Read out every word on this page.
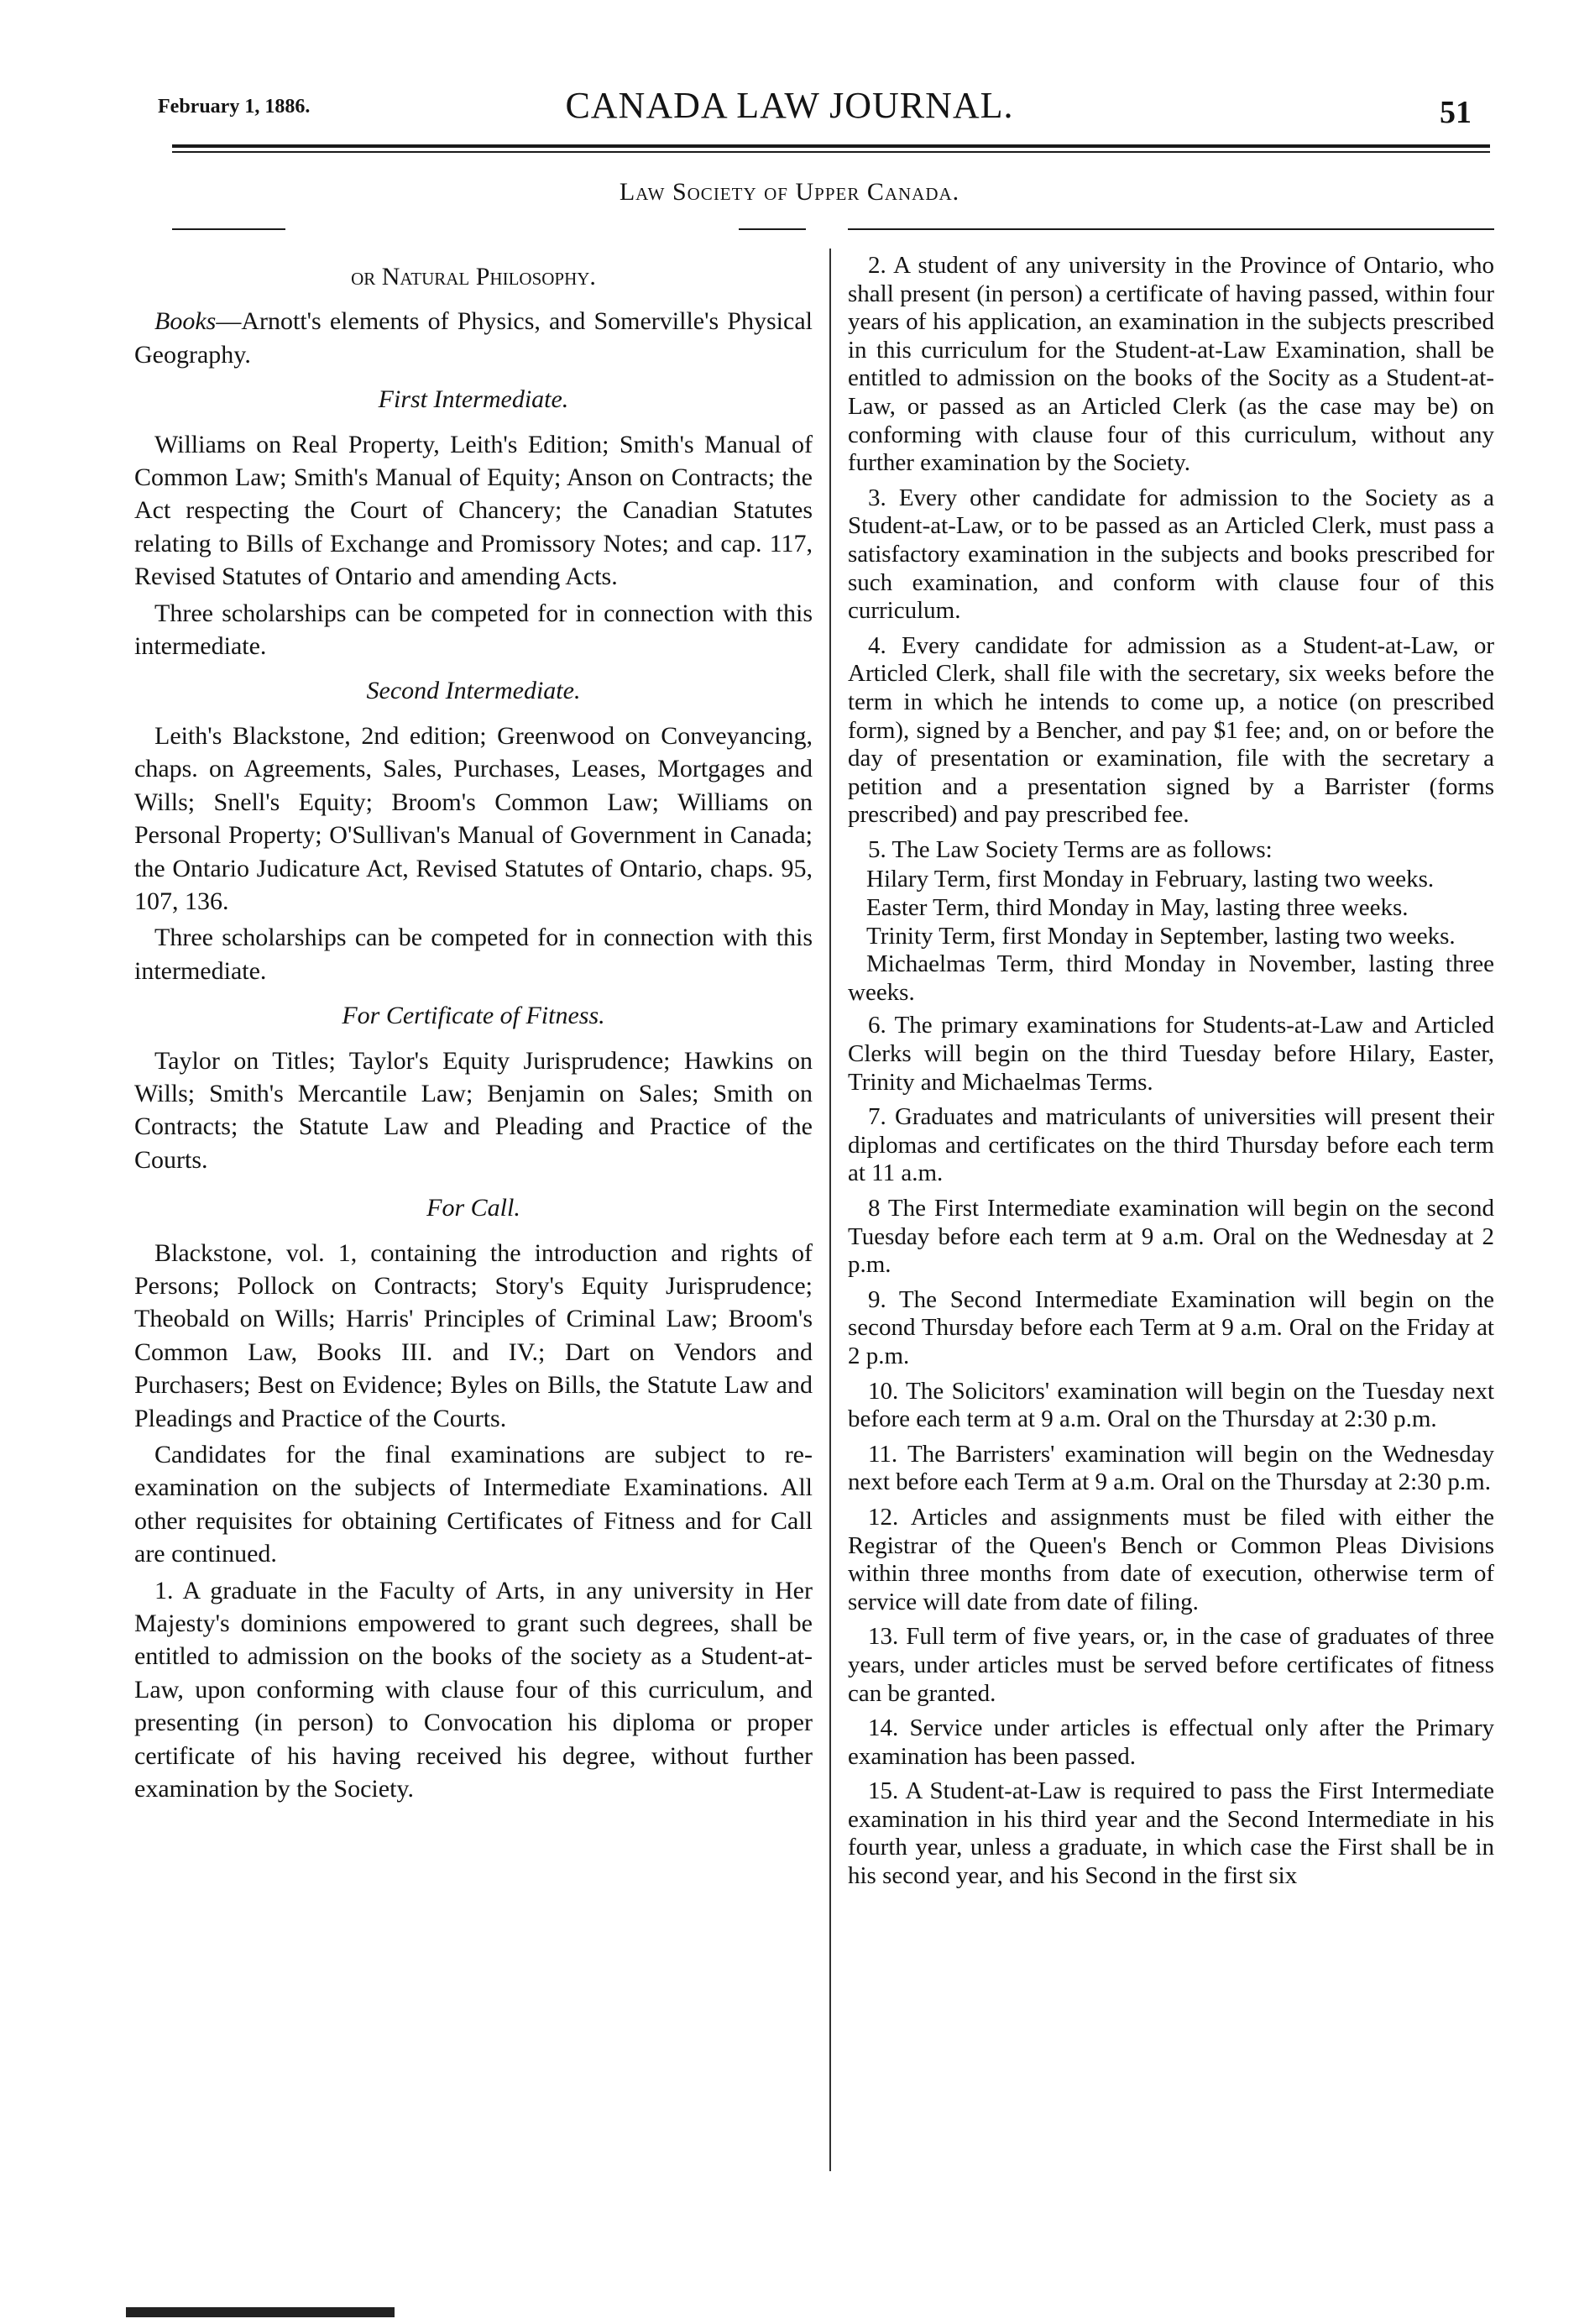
February 1, 1886.	CANADA LAW JOURNAL.	51
Law Society of Upper Canada.

or Natural Philosophy.

Books—Arnott's elements of Physics, and Somerville's Physical Geography.

First Intermediate.

Williams on Real Property, Leith's Edition; Smith's Manual of Common Law; Smith's Manual of Equity; Anson on Contracts; the Act respecting the Court of Chancery; the Canadian Statutes relating to Bills of Exchange and Promissory Notes; and cap. 117, Revised Statutes of Ontario and amending Acts.

Three scholarships can be competed for in connection with this intermediate.

Second Intermediate.

Leith's Blackstone, 2nd edition; Greenwood on Conveyancing, chaps. on Agreements, Sales, Purchases, Leases, Mortgages and Wills; Snell's Equity; Broom's Common Law; Williams on Personal Property; O'Sullivan's Manual of Government in Canada; the Ontario Judicature Act, Revised Statutes of Ontario, chaps. 95, 107, 136.

Three scholarships can be competed for in connection with this intermediate.

For Certificate of Fitness.

Taylor on Titles; Taylor's Equity Jurisprudence; Hawkins on Wills; Smith's Mercantile Law; Benjamin on Sales; Smith on Contracts; the Statute Law and Pleading and Practice of the Courts.

For Call.

Blackstone, vol. 1, containing the introduction and rights of Persons; Pollock on Contracts; Story's Equity Jurisprudence; Theobald on Wills; Harris' Principles of Criminal Law; Broom's Common Law, Books III. and IV.; Dart on Vendors and Purchasers; Best on Evidence; Byles on Bills, the Statute Law and Pleadings and Practice of the Courts.

Candidates for the final examinations are subject to re-examination on the subjects of Intermediate Examinations. All other requisites for obtaining Certificates of Fitness and for Call are continued.

1. A graduate in the Faculty of Arts, in any university in Her Majesty's dominions empowered to grant such degrees, shall be entitled to admission on the books of the society as a Student-at-Law, upon conforming with clause four of this curriculum, and presenting (in person) to Convocation his diploma or proper certificate of his having received his degree, without further examination by the Society.

2. A student of any university in the Province of Ontario, who shall present (in person) a certificate of having passed, within four years of his application, an examination in the subjects prescribed in this curriculum for the Student-at-Law Examination, shall be entitled to admission on the books of the Socity as a Student-at-Law, or passed as an Articled Clerk (as the case may be) on conforming with clause four of this curriculum, without any further examination by the Society.

3. Every other candidate for admission to the Society as a Student-at-Law, or to be passed as an Articled Clerk, must pass a satisfactory examination in the subjects and books prescribed for such examination, and conform with clause four of this curriculum.

4. Every candidate for admission as a Student-at-Law, or Articled Clerk, shall file with the secretary, six weeks before the term in which he intends to come up, a notice (on prescribed form), signed by a Bencher, and pay $1 fee; and, on or before the day of presentation or examination, file with the secretary a petition and a presentation signed by a Barrister (forms prescribed) and pay prescribed fee.

5. The Law Society Terms are as follows:

Hilary Term, first Monday in February, lasting two weeks.

Easter Term, third Monday in May, lasting three weeks.

Trinity Term, first Monday in September, lasting two weeks.

Michaelmas Term, third Monday in November, lasting three weeks.

6. The primary examinations for Students-at-Law and Articled Clerks will begin on the third Tuesday before Hilary, Easter, Trinity and Michaelmas Terms.

7. Graduates and matriculants of universities will present their diplomas and certificates on the third Thursday before each term at 11 a.m.

8 The First Intermediate examination will begin on the second Tuesday before each term at 9 a.m. Oral on the Wednesday at 2 p.m.

9. The Second Intermediate Examination will begin on the second Thursday before each Term at 9 a.m. Oral on the Friday at 2 p.m.

10. The Solicitors' examination will begin on the Tuesday next before each term at 9 a.m. Oral on the Thursday at 2:30 p.m.

11. The Barristers' examination will begin on the Wednesday next before each Term at 9 a.m. Oral on the Thursday at 2:30 p.m.

12. Articles and assignments must be filed with either the Registrar of the Queen's Bench or Common Pleas Divisions within three months from date of execution, otherwise term of service will date from date of filing.

13. Full term of five years, or, in the case of graduates of three years, under articles must be served before certificates of fitness can be granted.

14. Service under articles is effectual only after the Primary examination has been passed.

15. A Student-at-Law is required to pass the First Intermediate examination in his third year and the Second Intermediate in his fourth year, unless a graduate, in which case the First shall be in his second year, and his Second in the first six
